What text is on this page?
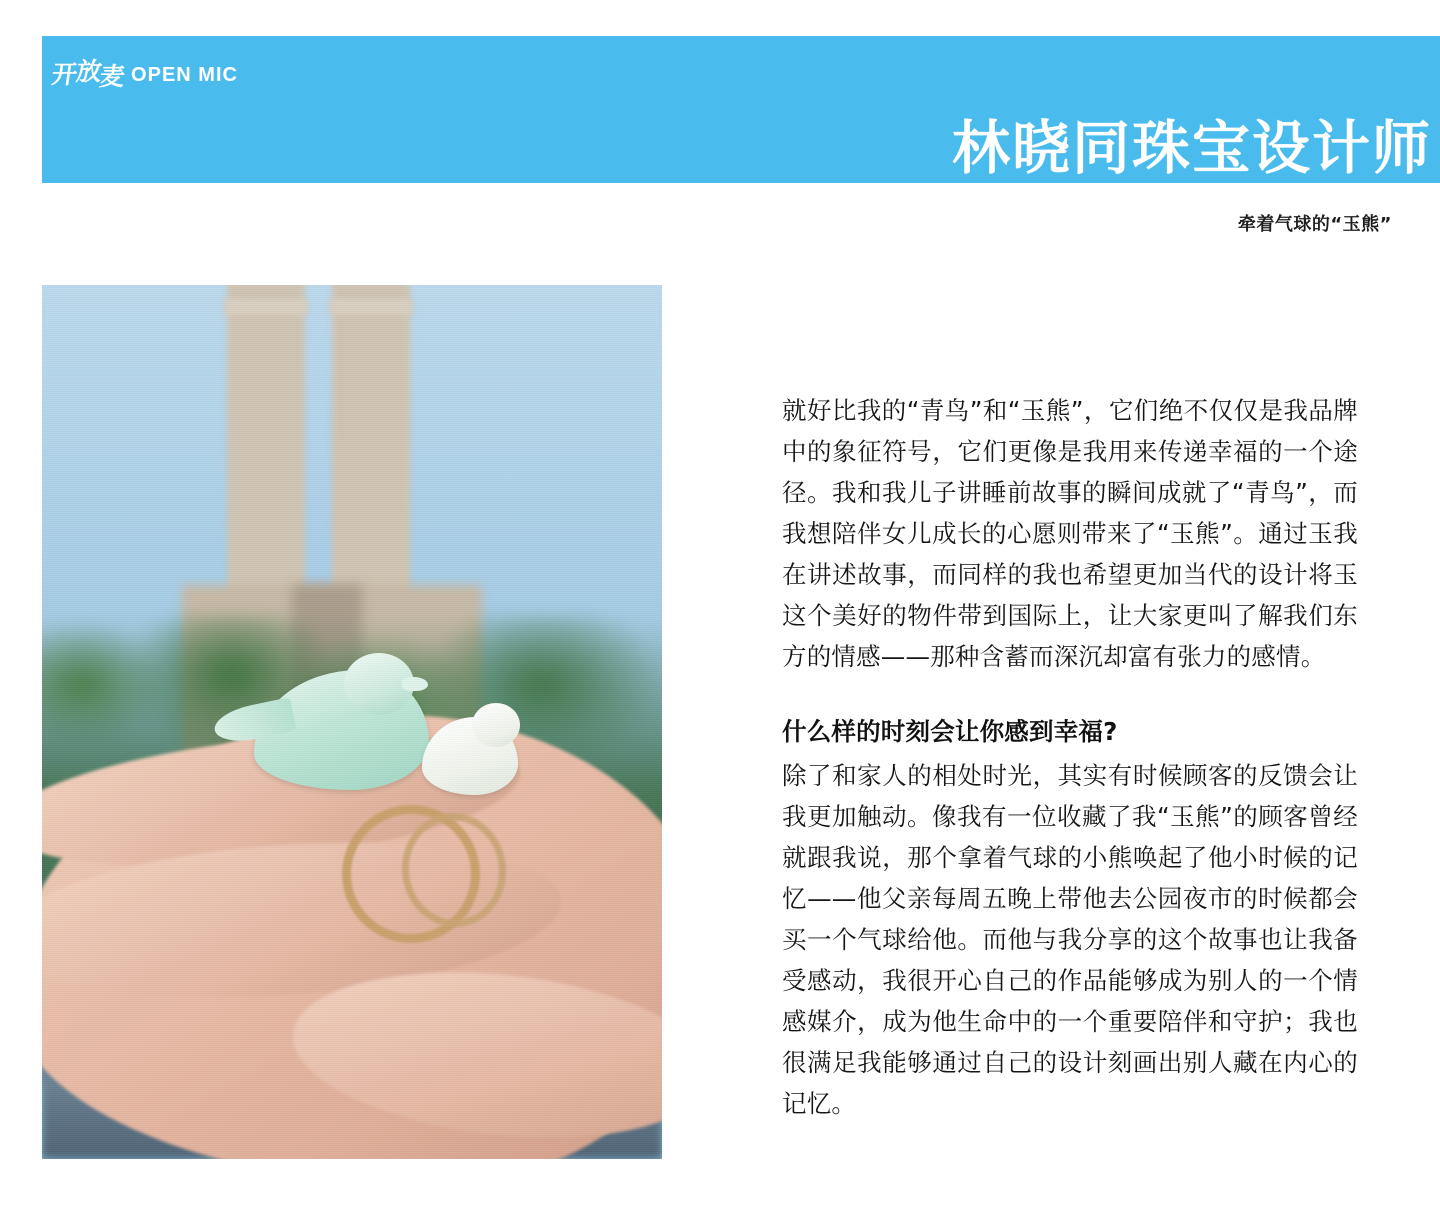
开
放
麦 OPEN MIC
林晓同珠宝设计师
牵着气球的“玉熊”

就好比我的“青鸟”和“玉熊”，它们绝不仅仅是我品牌中的象征符号，它们更像是我用来传递幸福的一个途径。我和我儿子讲睡前故事的瞬间成就了“青鸟”，而我想陪伴女儿成长的心愿则带来了“玉熊”。通过玉我在讲述故事，而同样的我也希望更加当代的设计将玉这个美好的物件带到国际上，让大家更叫了解我们东方的情感——那种含蓄而深沉却富有张力的感情。

什么样的时刻会让你感到幸福?

除了和家人的相处时光，其实有时候顾客的反馈会让我更加触动。像我有一位收藏了我“玉熊”的顾客曾经就跟我说，那个拿着气球的小熊唤起了他小时候的记忆——他父亲每周五晚上带他去公园夜市的时候都会买一个气球给他。而他与我分享的这个故事也让我备受感动，我很开心自己的作品能够成为别人的一个情感媒介，成为他生命中的一个重要陪伴和守护；我也很满足我能够通过自己的设计刻画出别人藏在内心的记忆。
